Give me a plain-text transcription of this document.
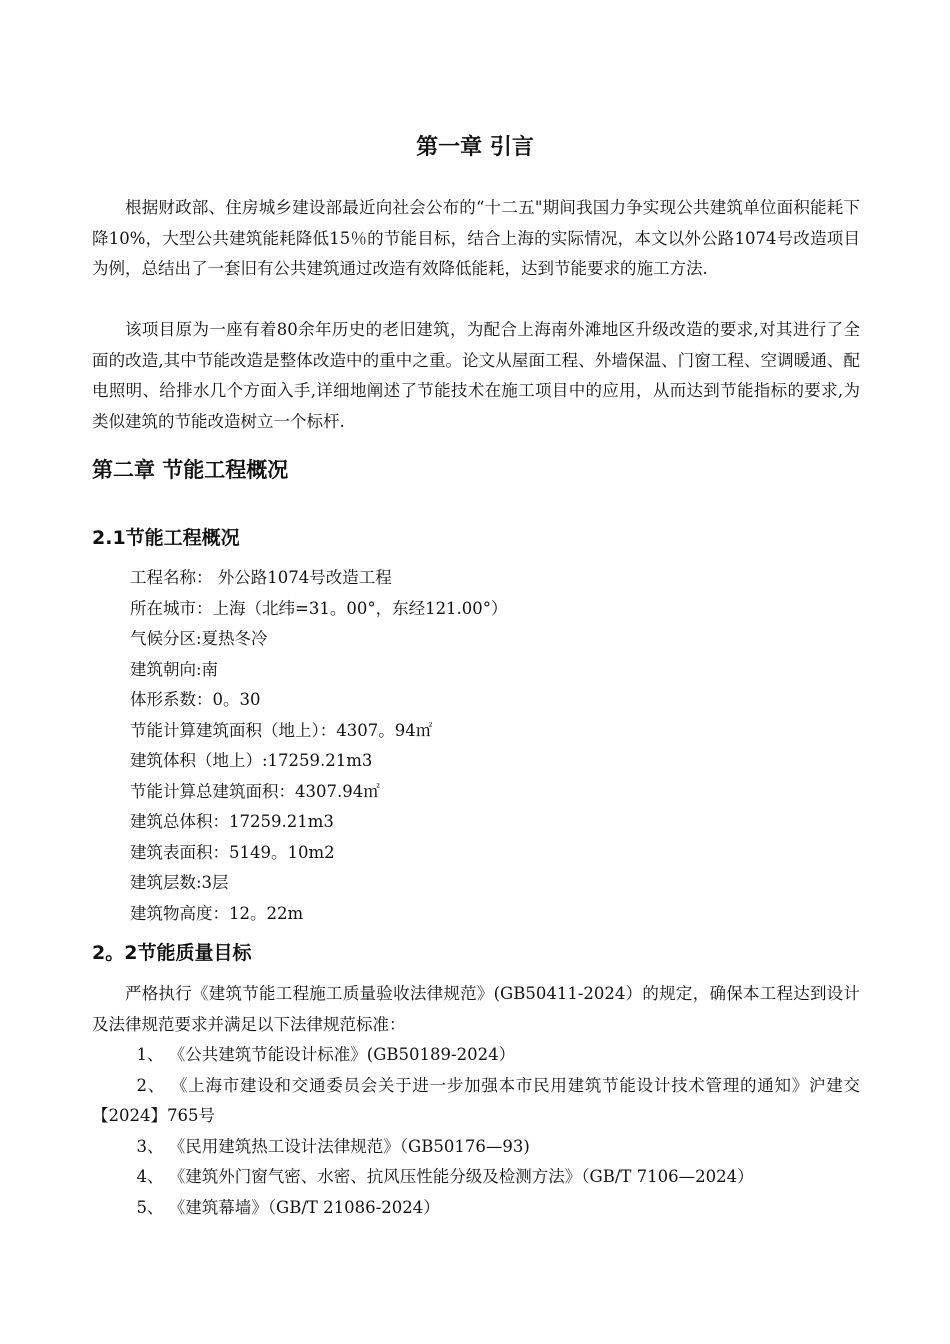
第一章 引言

根据财政部、住房城乡建设部最近向社会公布的“十二五"期间我国力争实现公共建筑单位面积能耗下降10%，大型公共建筑能耗降低15％的节能目标，结合上海的实际情况，本文以外公路1074号改造项目为例，总结出了一套旧有公共建筑通过改造有效降低能耗，达到节能要求的施工方法.

该项目原为一座有着80余年历史的老旧建筑，为配合上海南外滩地区升级改造的要求,对其进行了全面的改造,其中节能改造是整体改造中的重中之重。论文从屋面工程、外墙保温、门窗工程、空调暖通、配电照明、给排水几个方面入手,详细地阐述了节能技术在施工项目中的应用，从而达到节能指标的要求,为类似建筑的节能改造树立一个标杆.

第二章 节能工程概况
2.1节能工程概况
工程名称： 外公路1074号改造工程
所在城市：上海（北纬=31。00°，东经121.00°）
气候分区:夏热冬冷
建筑朝向:南
体形系数：0。30
节能计算建筑面积（地上）：4307。94㎡
建筑体积（地上）:17259.21m3
节能计算总建筑面积：4307.94㎡
建筑总体积：17259.21m3
建筑表面积：5149。10m2
建筑层数:3层
建筑物高度：12。22m
2。2节能质量目标

严格执行《建筑节能工程施工质量验收法律规范》(GB50411-2024）的规定，确保本工程达到设计及法律规范要求并满足以下法律规范标准：

1、 《公共建筑节能设计标准》(GB50189-2024）
2、 《上海市建设和交通委员会关于进一步加强本市民用建筑节能设计技术管理的通知》沪建交【2024】765号
3、 《民用建筑热工设计法律规范》（GB50176—93)
4、 《建筑外门窗气密、水密、抗风压性能分级及检测方法》（GB/T 7106—2024）
5、 《建筑幕墙》（GB/T 21086-2024）
